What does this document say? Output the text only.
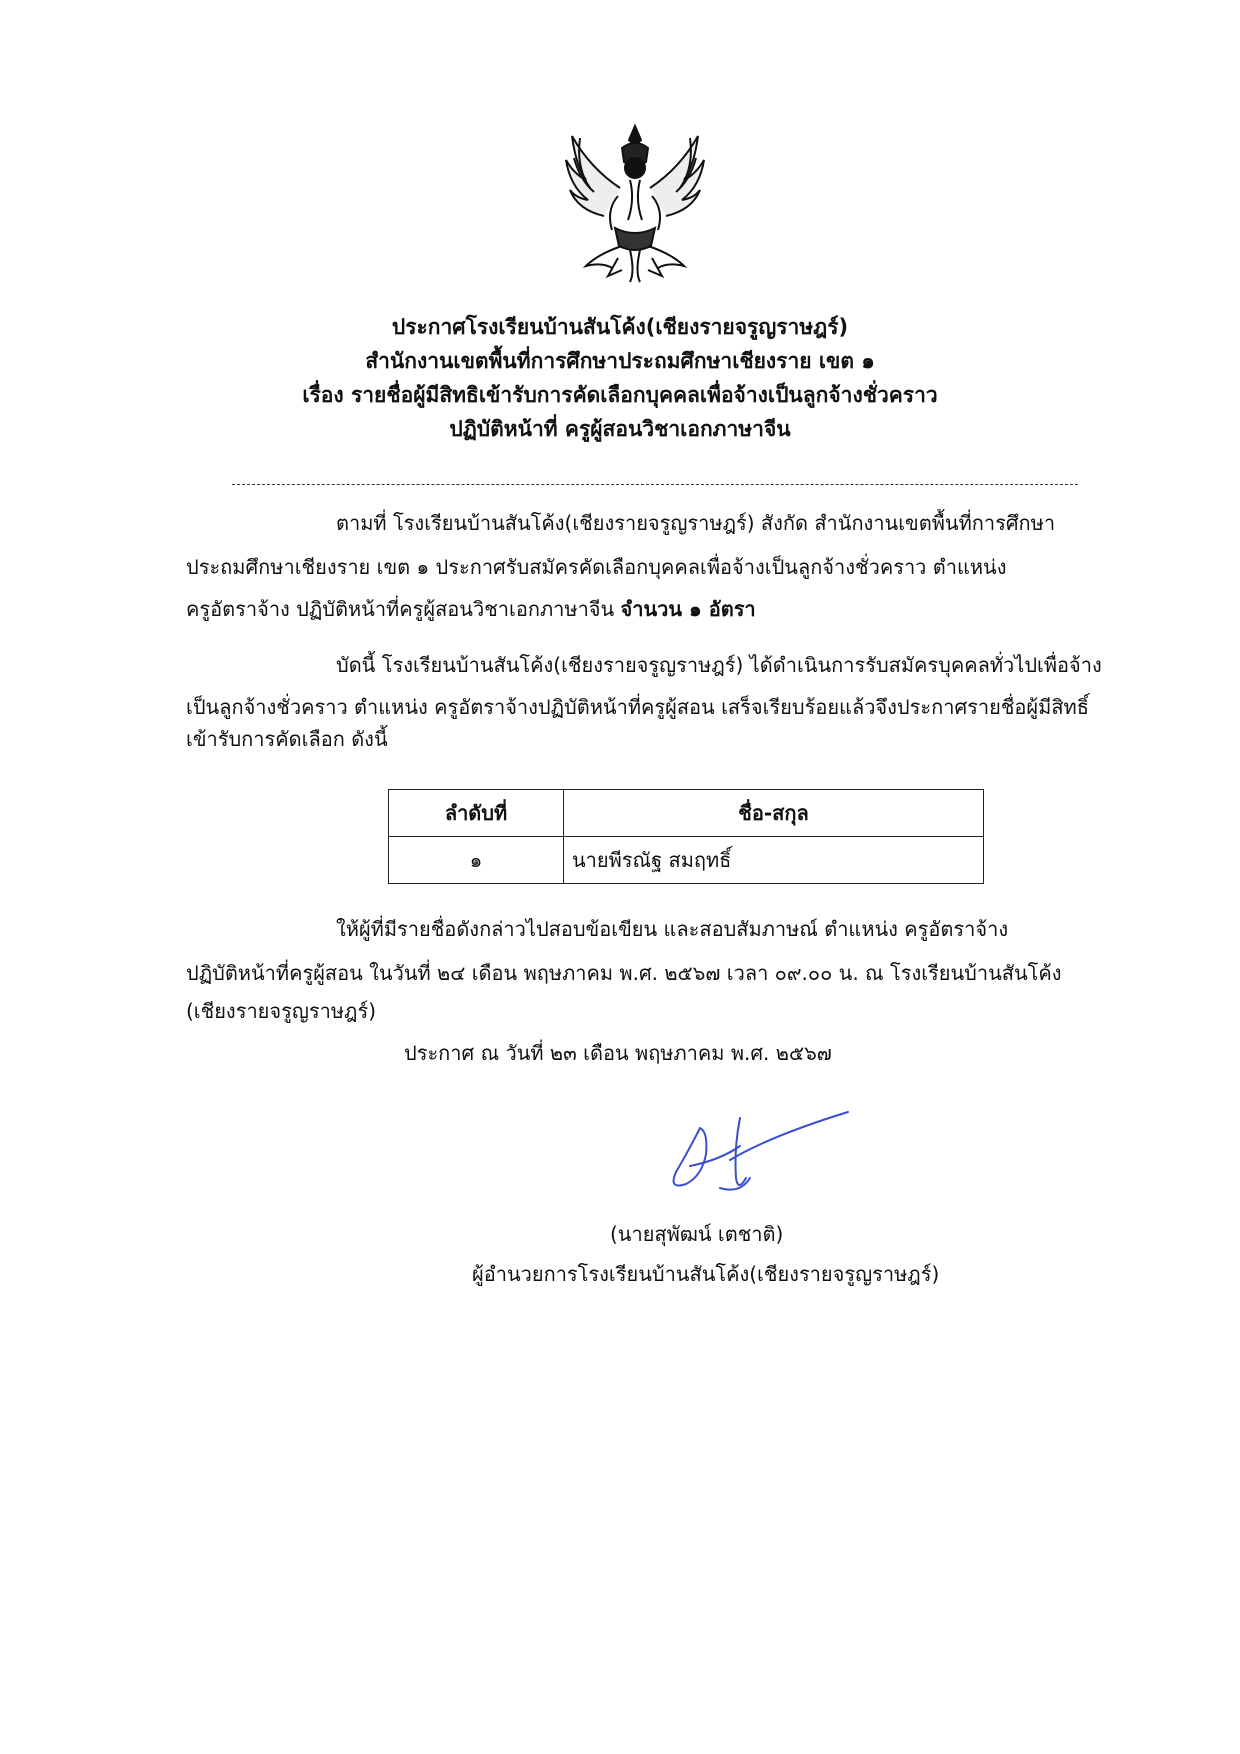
ประกาศโรงเรียนบ้านสันโค้ง(เชียงรายจรูญราษฎร์)
สำนักงานเขตพื้นที่การศึกษาประถมศึกษาเชียงราย เขต ๑
เรื่อง รายชื่อผู้มีสิทธิเข้ารับการคัดเลือกบุคคลเพื่อจ้างเป็นลูกจ้างชั่วคราว
ปฏิบัติหน้าที่ ครูผู้สอนวิชาเอกภาษาจีน
ตามที่ โรงเรียนบ้านสันโค้ง(เชียงรายจรูญราษฎร์) สังกัด สำนักงานเขตพื้นที่การศึกษา
ประถมศึกษาเชียงราย เขต ๑ ประกาศรับสมัครคัดเลือกบุคคลเพื่อจ้างเป็นลูกจ้างชั่วคราว ตำแหน่ง
ครูอัตราจ้าง ปฏิบัติหน้าที่ครูผู้สอนวิชาเอกภาษาจีน จำนวน ๑ อัตรา
บัดนี้ โรงเรียนบ้านสันโค้ง(เชียงรายจรูญราษฎร์) ได้ดำเนินการรับสมัครบุคคลทั่วไปเพื่อจ้าง
เป็นลูกจ้างชั่วคราว ตำแหน่ง ครูอัตราจ้างปฏิบัติหน้าที่ครูผู้สอน เสร็จเรียบร้อยแล้วจึงประกาศรายชื่อผู้มีสิทธิ์
เข้ารับการคัดเลือก ดังนี้
ลำดับที่	ชื่อ-สกุล
๑	นายพีรณัฐ สมฤทธิ์
ให้ผู้ที่มีรายชื่อดังกล่าวไปสอบข้อเขียน และสอบสัมภาษณ์ ตำแหน่ง ครูอัตราจ้าง
ปฏิบัติหน้าที่ครูผู้สอน ในวันที่ ๒๔ เดือน พฤษภาคม พ.ศ. ๒๕๖๗ เวลา ๐๙.๐๐ น. ณ โรงเรียนบ้านสันโค้ง
(เชียงรายจรูญราษฎร์)
ประกาศ ณ วันที่ ๒๓ เดือน พฤษภาคม พ.ศ. ๒๕๖๗
(นายสุพัฒน์ เตชาติ)
ผู้อำนวยการโรงเรียนบ้านสันโค้ง(เชียงรายจรูญราษฎร์)
